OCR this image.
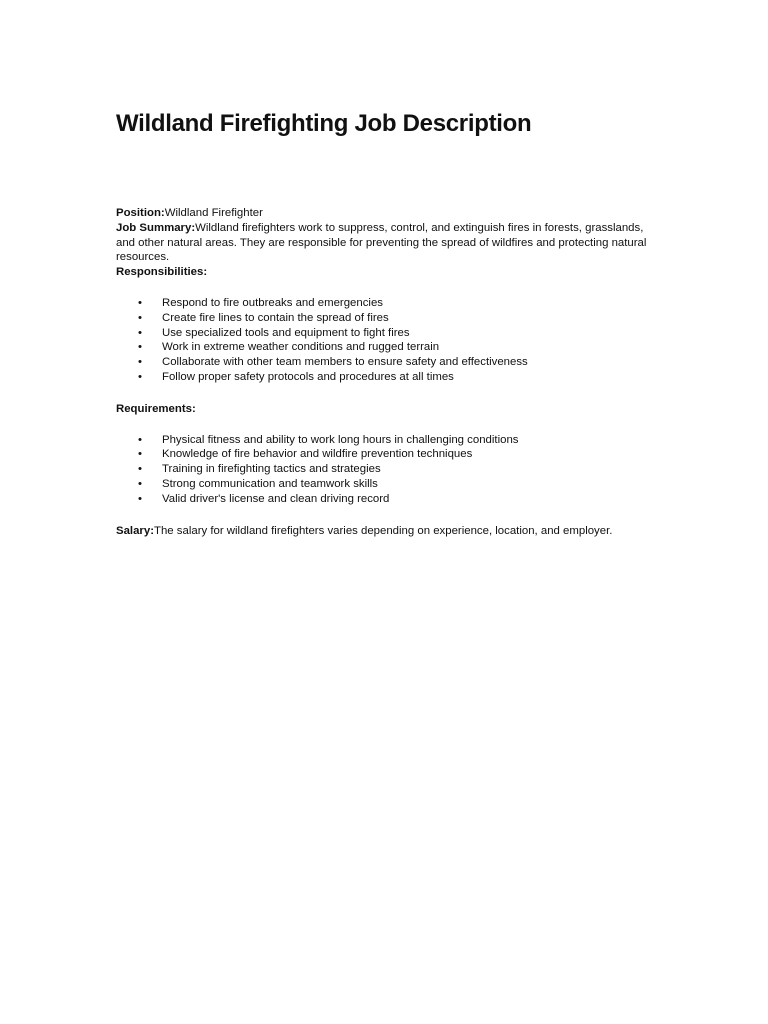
Wildland Firefighting Job Description

Position:Wildland Firefighter

Job Summary:Wildland firefighters work to suppress, control, and extinguish fires in forests, grasslands, and other natural areas. They are responsible for preventing the spread of wildfires and protecting natural resources.

Responsibilities:

• Respond to fire outbreaks and emergencies
• Create fire lines to contain the spread of fires
• Use specialized tools and equipment to fight fires
• Work in extreme weather conditions and rugged terrain
• Collaborate with other team members to ensure safety and effectiveness
• Follow proper safety protocols and procedures at all times

Requirements:

• Physical fitness and ability to work long hours in challenging conditions
• Knowledge of fire behavior and wildfire prevention techniques
• Training in firefighting tactics and strategies
• Strong communication and teamwork skills
• Valid driver's license and clean driving record

Salary:The salary for wildland firefighters varies depending on experience, location, and employer.
